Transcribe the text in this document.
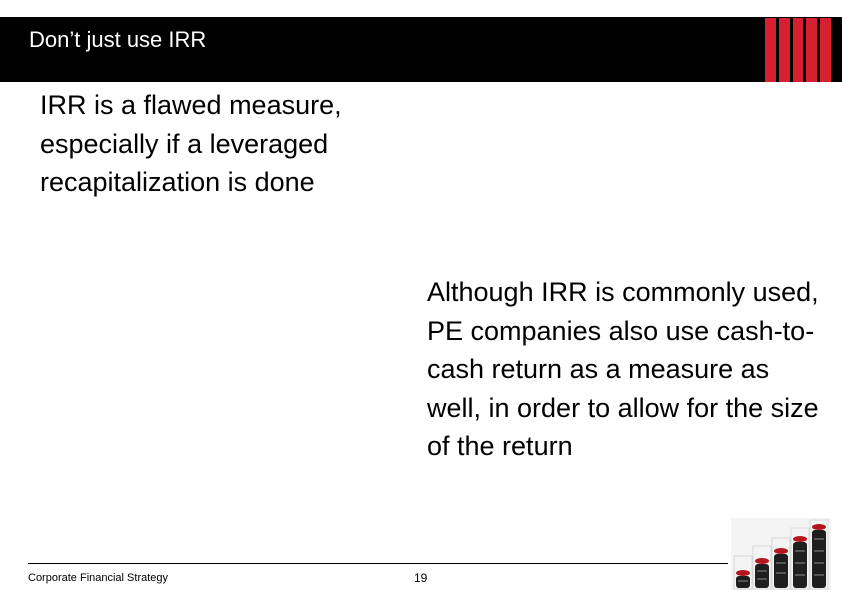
Don’t just use IRR
IRR is a flawed measure, especially if a leveraged recapitalization is done
Although IRR is commonly used, PE companies also use cash-to-cash return as a measure as well, in order to allow for the size of the return
Corporate Financial Strategy	19
